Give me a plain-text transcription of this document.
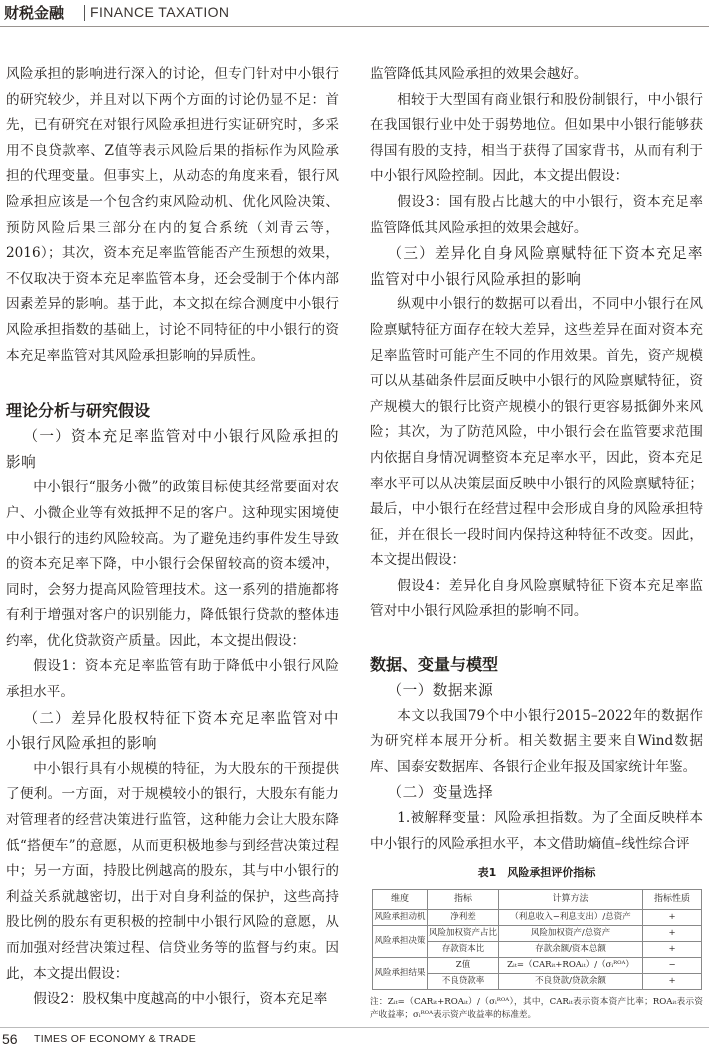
财税金融 FINANCE TAXATION

风险承担的影响进行深入的讨论，但专门针对中小银行的研究较少，并且对以下两个方面的讨论仍显不足：首先，已有研究在对银行风险承担进行实证研究时，多采用不良贷款率、Z值等表示风险后果的指标作为风险承担的代理变量。但事实上，从动态的角度来看，银行风险承担应该是一个包含约束风险动机、优化风险决策、预防风险后果三部分在内的复合系统（刘青云等，2016）；其次，资本充足率监管能否产生预想的效果，不仅取决于资本充足率监管本身，还会受制于个体内部因素差异的影响。基于此，本文拟在综合测度中小银行风险承担指数的基础上，讨论不同特征的中小银行的资本充足率监管对其风险承担影响的异质性。

理论分析与研究假设

（一）资本充足率监管对中小银行风险承担的影响

中小银行“服务小微”的政策目标使其经常要面对农户、小微企业等有效抵押不足的客户。这种现实困境使中小银行的违约风险较高。为了避免违约事件发生导致的资本充足率下降，中小银行会保留较高的资本缓冲，同时，会努力提高风险管理技术。这一系列的措施都将有利于增强对客户的识别能力，降低银行贷款的整体违约率，优化贷款资产质量。因此，本文提出假设：

假设1：资本充足率监管有助于降低中小银行风险承担水平。

（二）差异化股权特征下资本充足率监管对中小银行风险承担的影响

中小银行具有小规模的特征，为大股东的干预提供了便利。一方面，对于规模较小的银行，大股东有能力对管理者的经营决策进行监管，这种能力会让大股东降低“搭便车”的意愿，从而更积极地参与到经营决策过程中；另一方面，持股比例越高的股东，其与中小银行的利益关系就越密切，出于对自身利益的保护，这些高持股比例的股东有更积极的控制中小银行风险的意愿，从而加强对经营决策过程、信贷业务等的监督与约束。因此，本文提出假设：

假设2：股权集中度越高的中小银行，资本充足率

监管降低其风险承担的效果会越好。

相较于大型国有商业银行和股份制银行，中小银行在我国银行业中处于弱势地位。但如果中小银行能够获得国有股的支持，相当于获得了国家背书，从而有利于中小银行风险控制。因此，本文提出假设：

假设3：国有股占比越大的中小银行，资本充足率监管降低其风险承担的效果会越好。

（三）差异化自身风险禀赋特征下资本充足率监管对中小银行风险承担的影响

纵观中小银行的数据可以看出，不同中小银行在风险禀赋特征方面存在较大差异，这些差异在面对资本充足率监管时可能产生不同的作用效果。首先，资产规模可以从基础条件层面反映中小银行的风险禀赋特征，资产规模大的银行比资产规模小的银行更容易抵御外来风险；其次，为了防范风险，中小银行会在监管要求范围内依据自身情况调整资本充足率水平，因此，资本充足率水平可以从决策层面反映中小银行的风险禀赋特征；最后，中小银行在经营过程中会形成自身的风险承担特征，并在很长一段时间内保持这种特征不改变。因此，本文提出假设：

假设4：差异化自身风险禀赋特征下资本充足率监管对中小银行风险承担的影响不同。

数据、变量与模型

（一）数据来源

本文以我国79个中小银行2015–2022年的数据作为研究样本展开分析。相关数据主要来自Wind数据库、国泰安数据库、各银行企业年报及国家统计年鉴。

（二）变量选择

1.被解释变量：风险承担指数。为了全面反映样本中小银行的风险承担水平，本文借助熵值–线性综合评

表1　风险承担评价指标
维度	指标	计算方法	指标性质
风险承担动机	净利差	（利息收入−利息支出）/总资产	+
风险承担决策	风险加权资产占比	风险加权资产/总资产	+
	存款资本比	存款余额/资本总额	+
风险承担结果	Z值	Zᵢₜ=（CARᵢₜ+ROAᵢₜ）/（σᵢᴿᴼᴬ）	−
	不良贷款率	不良贷款/贷款余额	+
注：Zᵢₜ=（CARᵢₜ+ROAᵢₜ）/（σᵢᴿᴼᴬ），其中，CARᵢₜ表示资本资产比率；ROAᵢₜ表示资产收益率；σᵢᴿᴼᴬ表示资产收益率的标准差。
56 TIMES OF ECONOMY & TRADE
